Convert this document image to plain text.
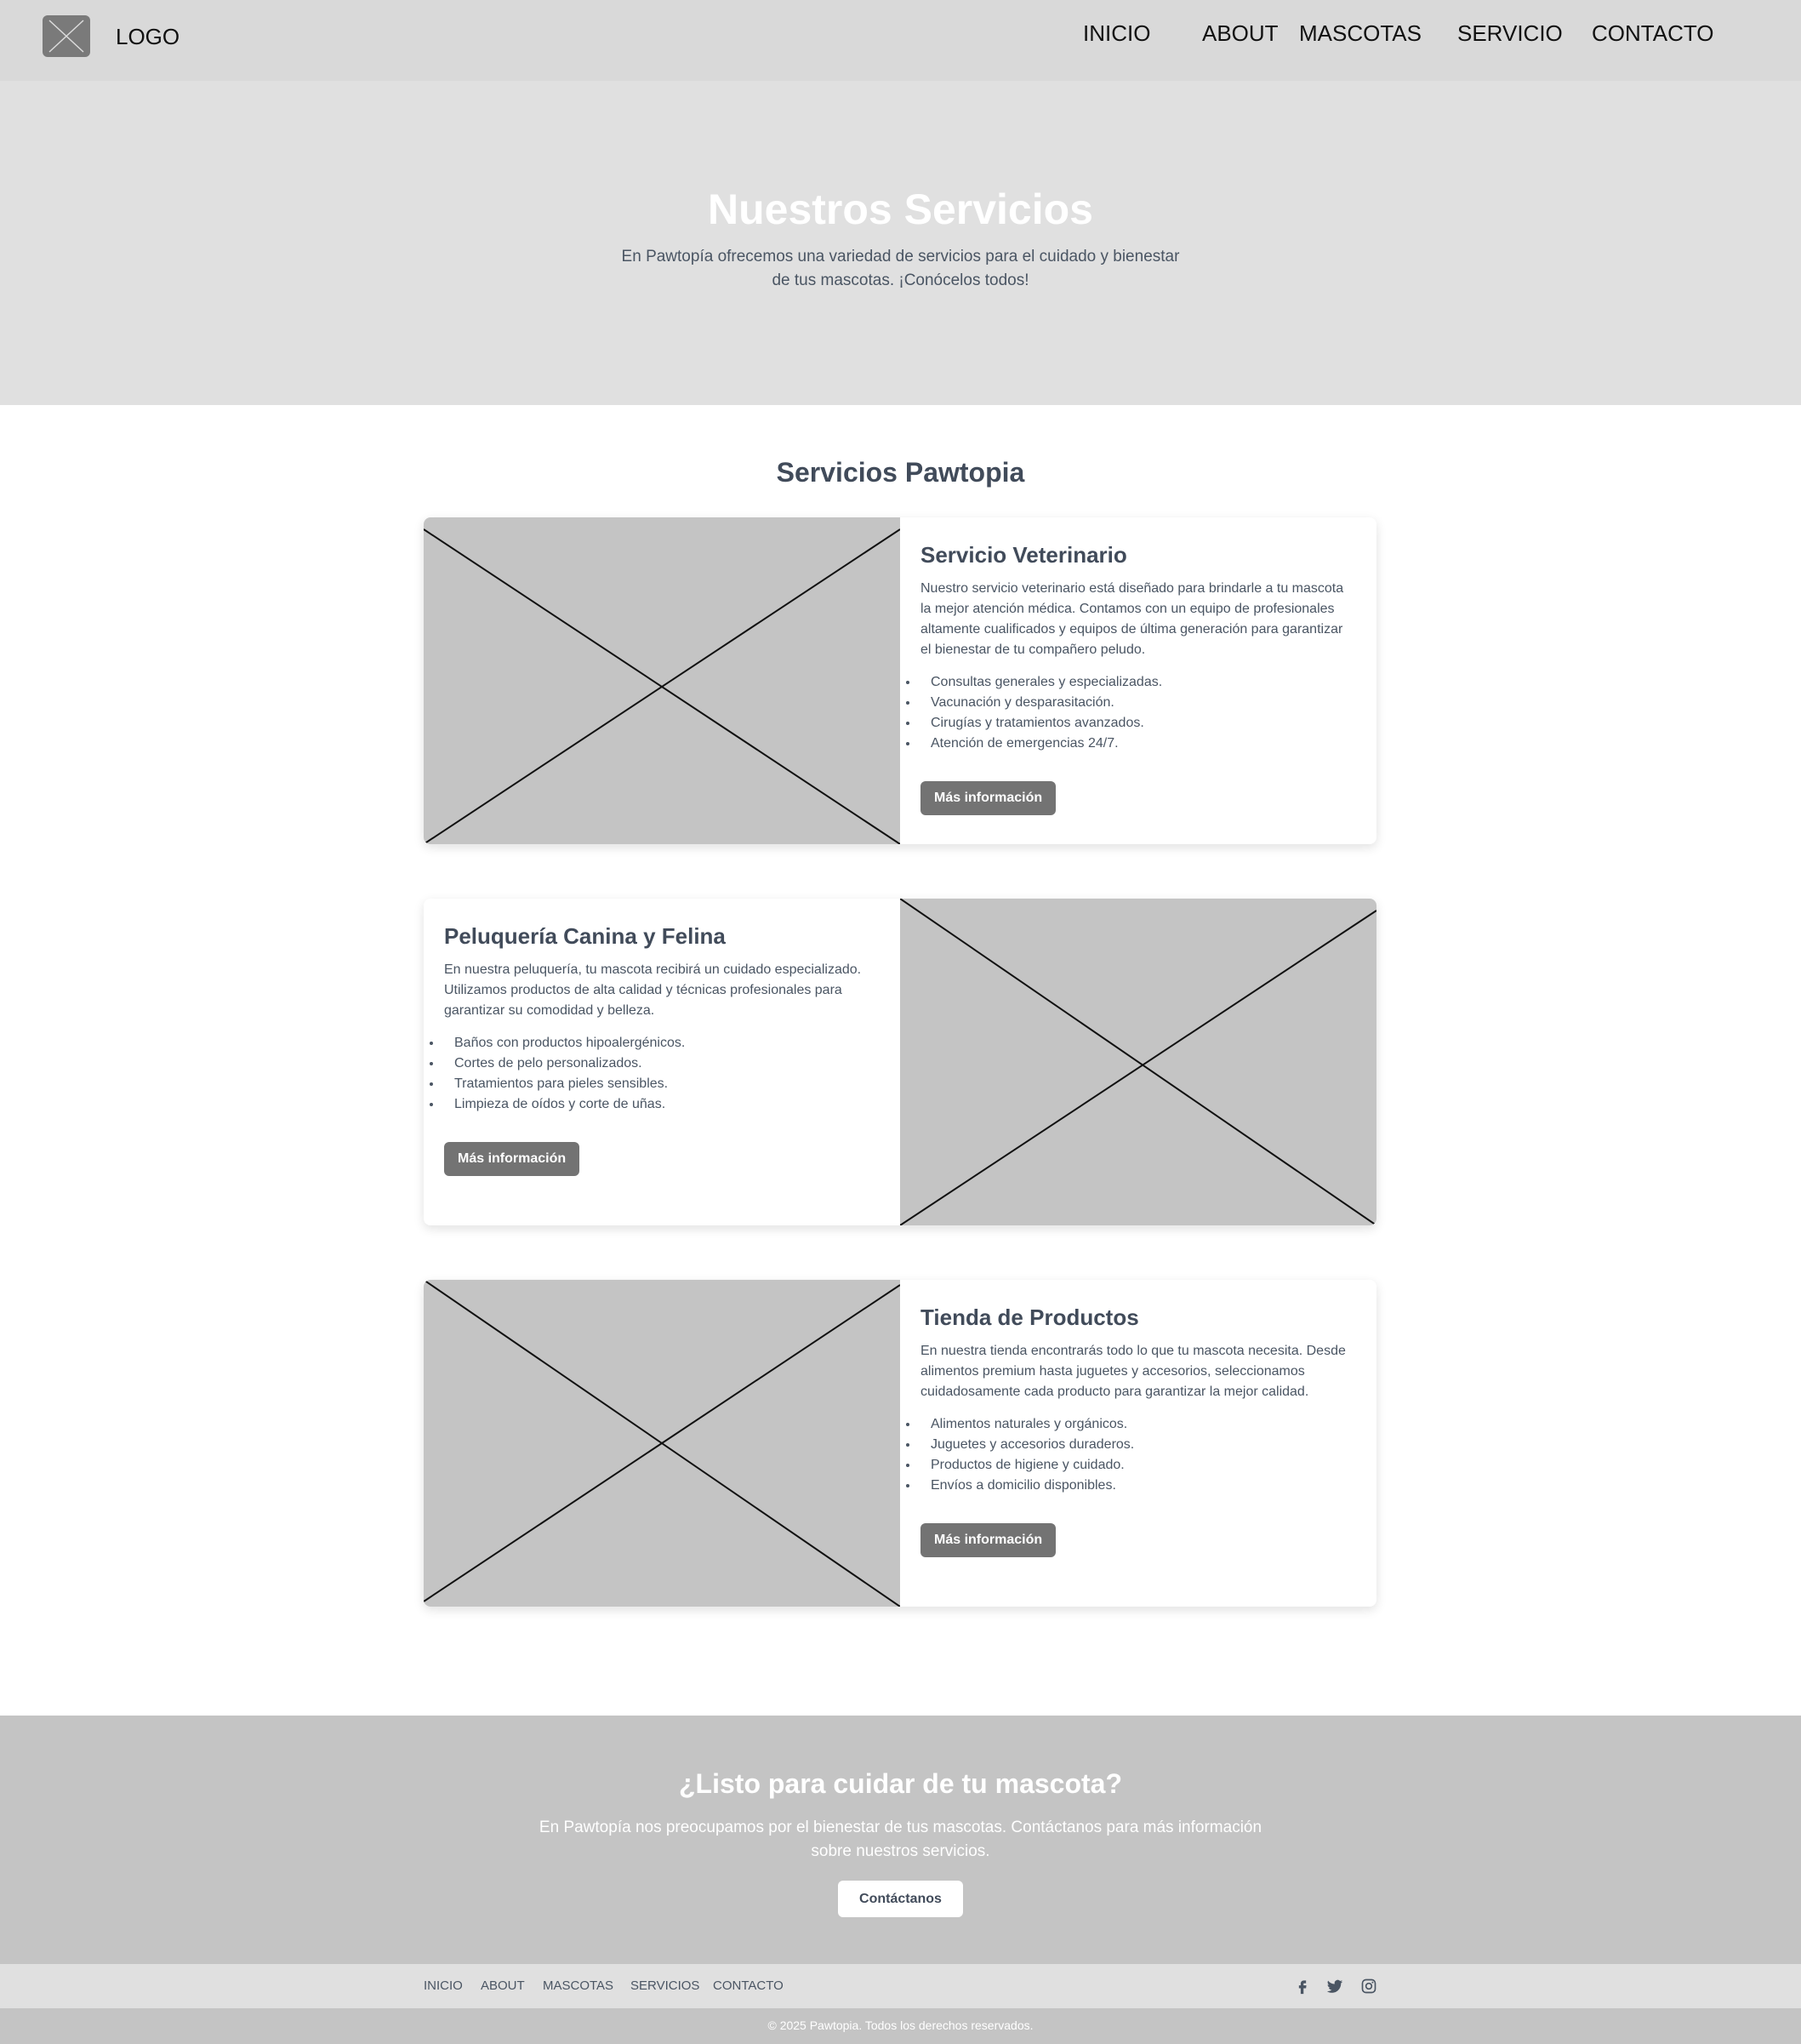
LOGO	INICIO ABOUT MASCOTAS SERVICIO CONTACTO
Nuestros Servicios

En Pawtopía ofrecemos una variedad de servicios para el cuidado y bienestar de tus mascotas. ¡Conócelos todos!

Servicios Pawtopia
Servicio Veterinario

Nuestro servicio veterinario está diseñado para brindarle a tu mascota la mejor atención médica. Contamos con un equipo de profesionales altamente cualificados y equipos de última generación para garantizar el bienestar de tu compañero peludo.

• Consultas generales y especializadas.
• Vacunación y desparasitación.
• Cirugías y tratamientos avanzados.
• Atención de emergencias 24/7.
Más información
Peluquería Canina y Felina

En nuestra peluquería, tu mascota recibirá un cuidado especializado. Utilizamos productos de alta calidad y técnicas profesionales para garantizar su comodidad y belleza.

• Baños con productos hipoalergénicos.
• Cortes de pelo personalizados.
• Tratamientos para pieles sensibles.
• Limpieza de oídos y corte de uñas.
Más información
Tienda de Productos

En nuestra tienda encontrarás todo lo que tu mascota necesita. Desde alimentos premium hasta juguetes y accesorios, seleccionamos cuidadosamente cada producto para garantizar la mejor calidad.

• Alimentos naturales y orgánicos.
• Juguetes y accesorios duraderos.
• Productos de higiene y cuidado.
• Envíos a domicilio disponibles.
Más información
¿Listo para cuidar de tu mascota?

En Pawtopía nos preocupamos por el bienestar de tus mascotas. Contáctanos para más información sobre nuestros servicios.

Contáctanos
INICIO ABOUT MASCOTAS SERVICIOS CONTACTO

© 2025 Pawtopia. Todos los derechos reservados.
